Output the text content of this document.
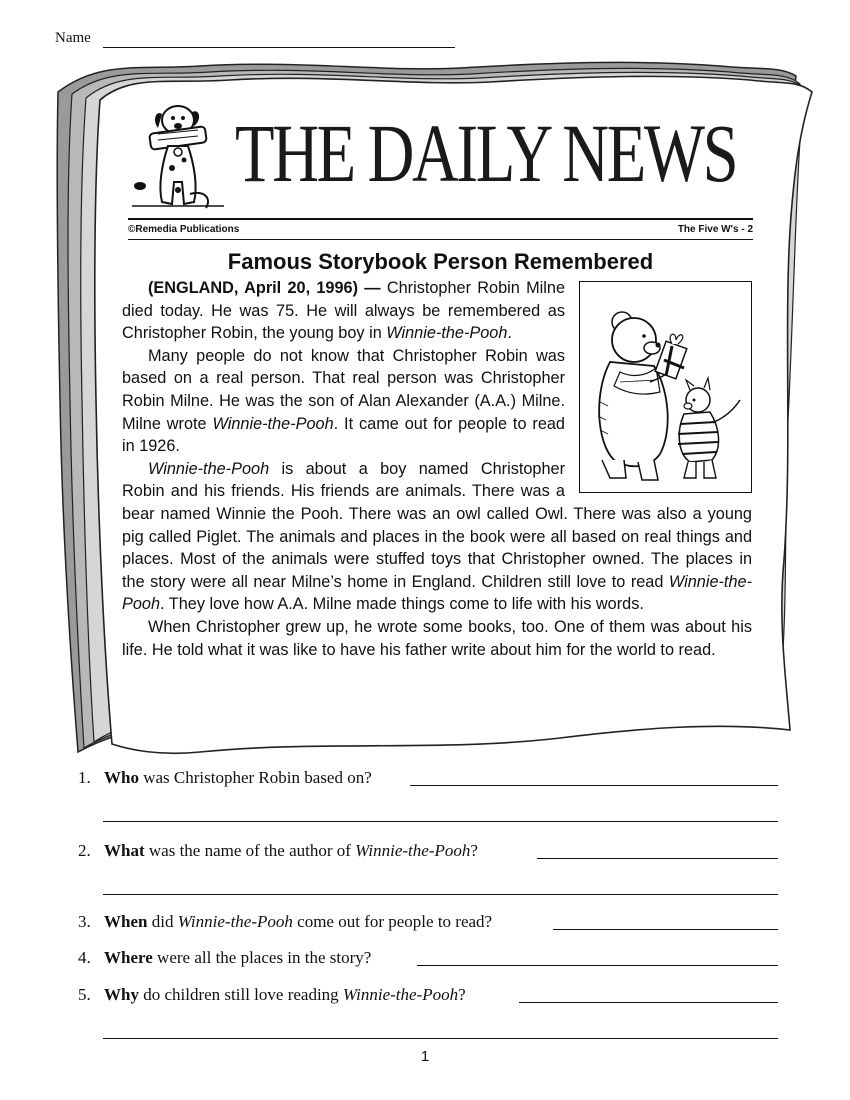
Name
THE DAILY NEWS
©Remedia Publications	The Five W's - 2
Famous Storybook Person Remembered

(ENGLAND, April 20, 1996) — Christopher Robin Milne died today. He was 75. He will always be remembered as Christopher Robin, the young boy in Winnie-the-Pooh.

Many people do not know that Christopher Robin was based on a real person. That real person was Christopher Robin Milne. He was the son of Alan Alexander (A.A.) Milne. Milne wrote Winnie-the-Pooh. It came out for people to read in 1926.

Winnie-the-Pooh is about a boy named Christopher Robin and his friends. His friends are animals. There was a bear named Winnie the Pooh. There was an owl called Owl. There was also a young pig called Piglet. The animals and places in the book were all based on real things and places. Most of the animals were stuffed toys that Christopher owned. The places in the story were all near Milne’s home in England. Children still love to read Winnie-the-Pooh. They love how A.A. Milne made things come to life with his words.

When Christopher grew up, he wrote some books, too. One of them was about his life. He told what it was like to have his father write about him for the world to read.

1. Who was Christopher Robin based on?
2. What was the name of the author of Winnie-the-Pooh?
3. When did Winnie-the-Pooh come out for people to read?
4. Where were all the places in the story?
5. Why do children still love reading Winnie-the-Pooh?
1
